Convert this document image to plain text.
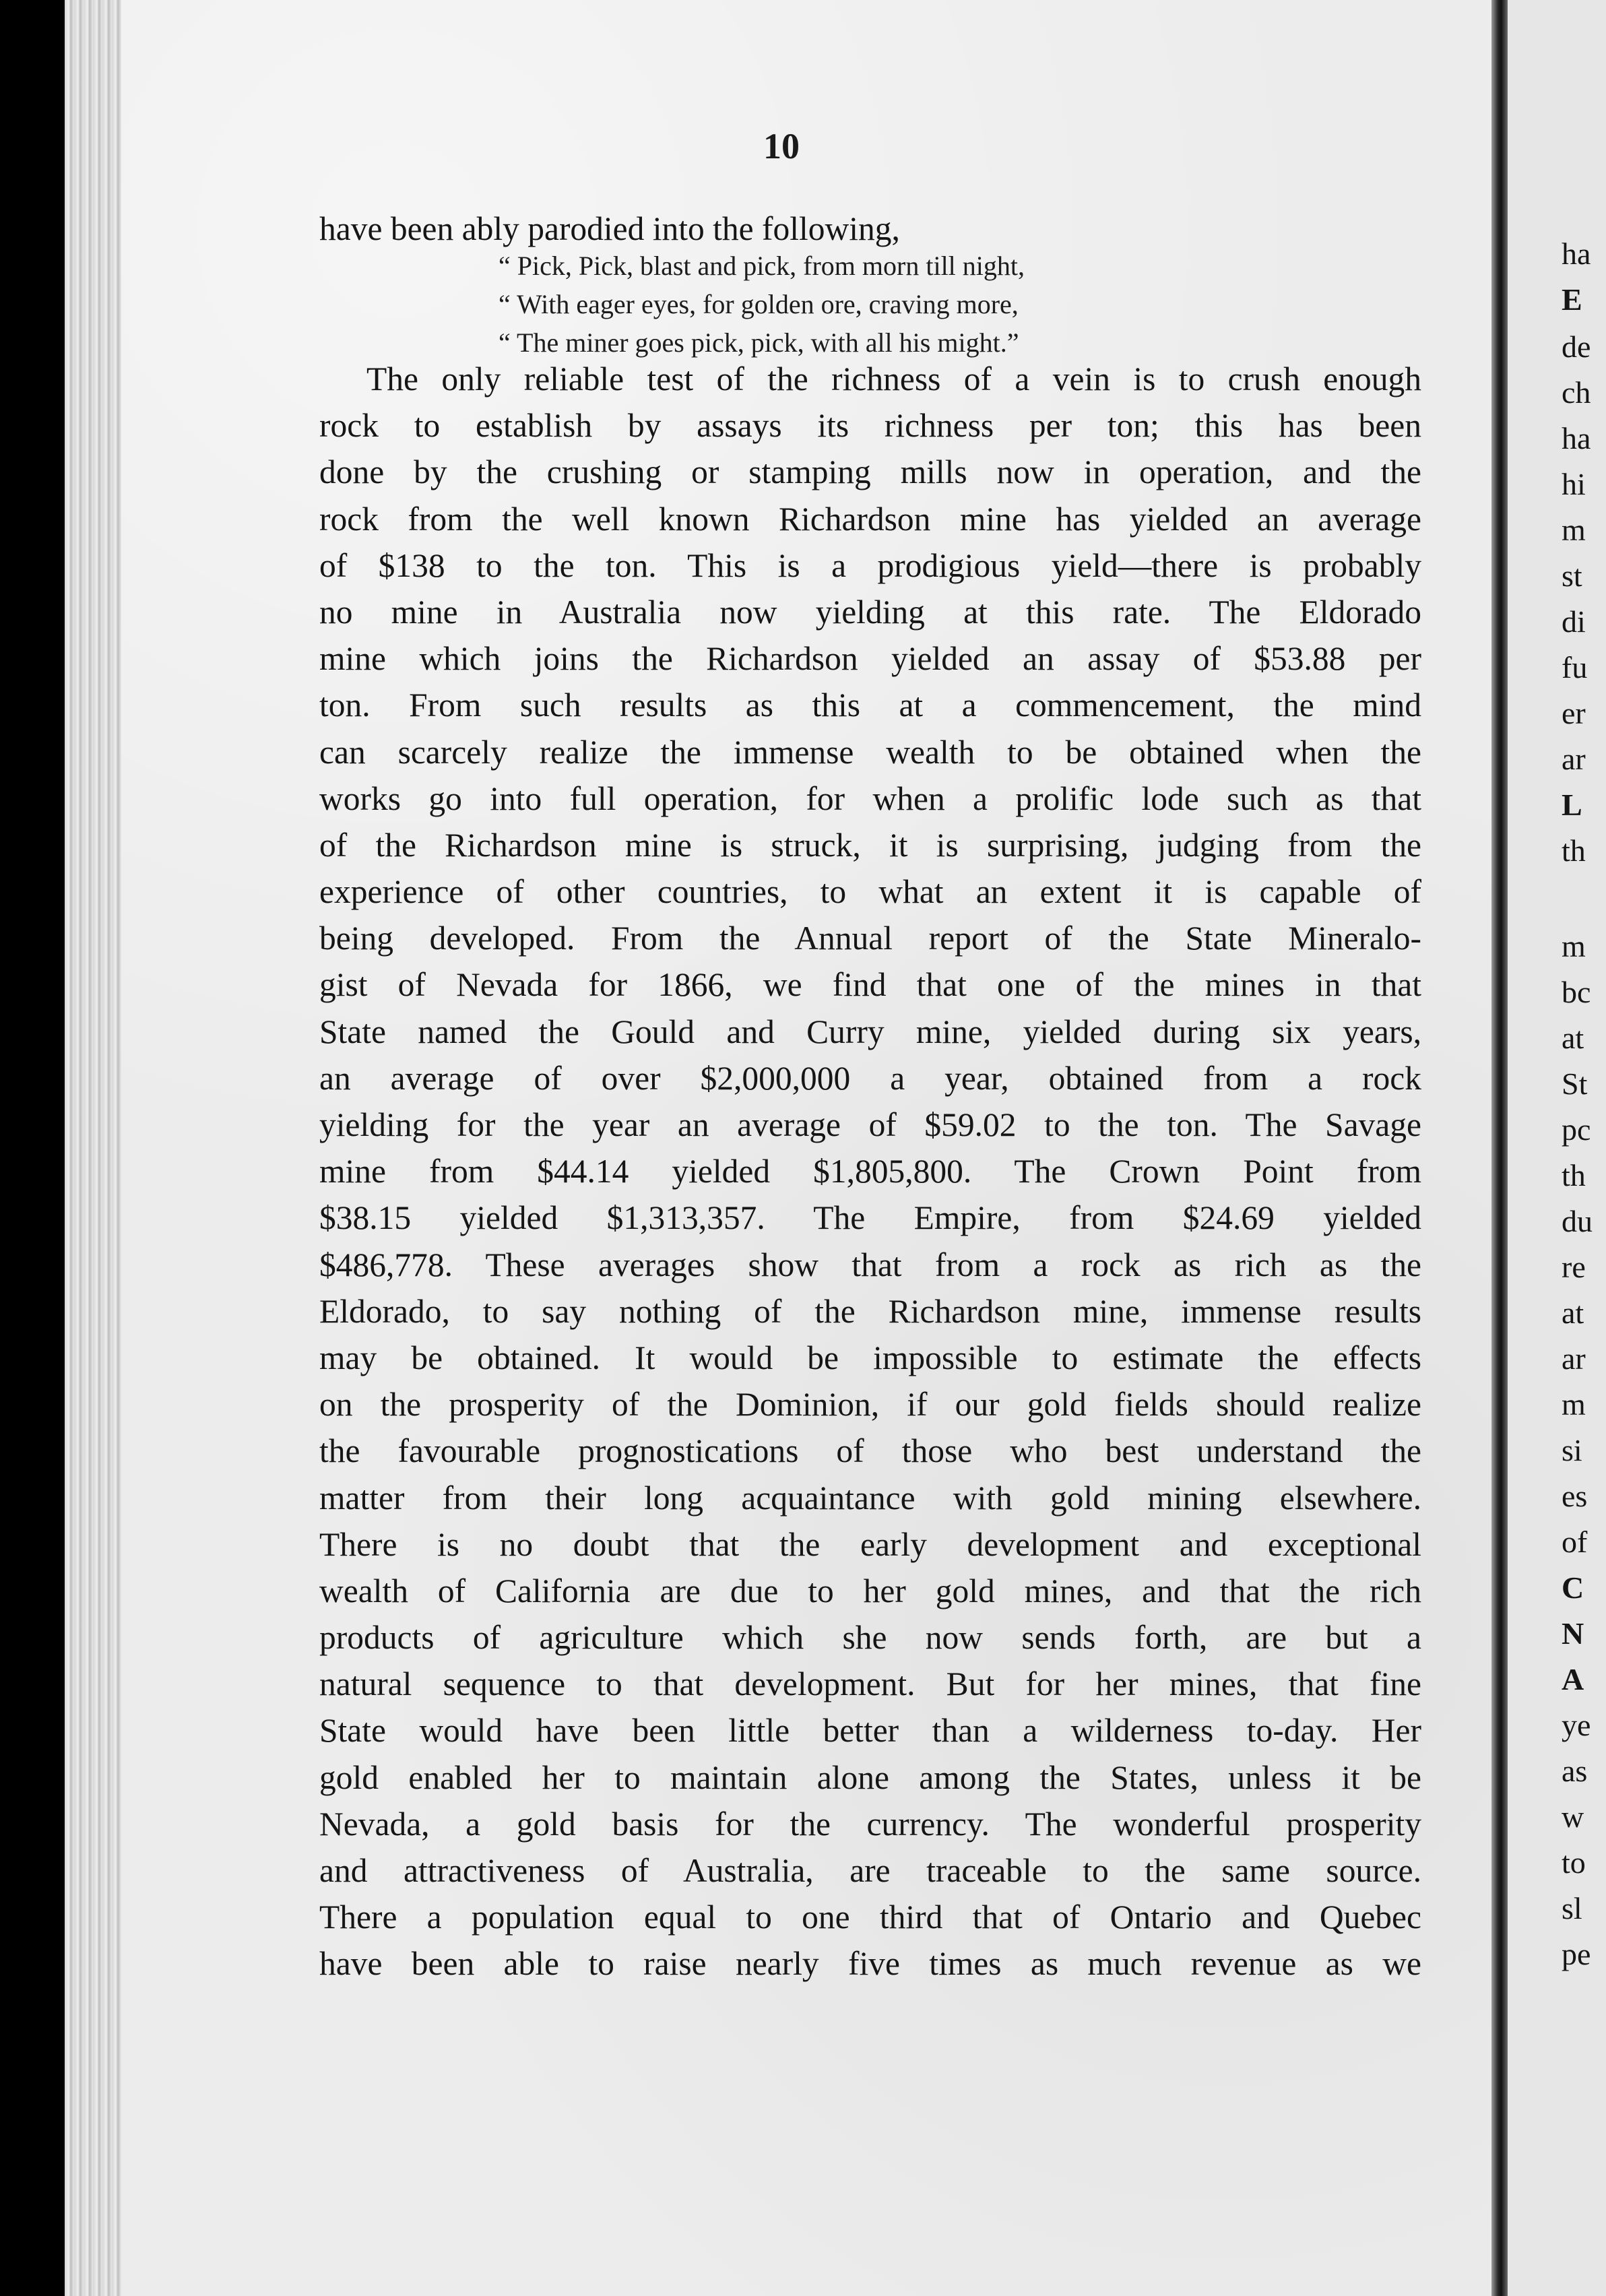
10
have been ably parodied into the following,
“ Pick, Pick, blast and pick, from morn till night,
“ With eager eyes, for golden ore, craving more,
“ The miner goes pick, pick, with all his might.”
The only reliable test of the richness of a vein is to crush enough
rock to establish by assays its richness per ton; this has been
done by the crushing or stamping mills now in operation, and the
rock from the well known Richardson mine has yielded an average
of $138 to the ton. This is a prodigious yield—there is probably
no mine in Australia now yielding at this rate. The Eldorado
mine which joins the Richardson yielded an assay of $53.88 per
ton. From such results as this at a commencement, the mind
can scarcely realize the immense wealth to be obtained when the
works go into full operation, for when a prolific lode such as that
of the Richardson mine is struck, it is surprising, judging from the
experience of other countries, to what an extent it is capable of
being developed. From the Annual report of the State Mineralo-
gist of Nevada for 1866, we find that one of the mines in that
State named the Gould and Curry mine, yielded during six years,
an average of over $2,000,000 a year, obtained from a rock
yielding for the year an average of $59.02 to the ton. The Savage
mine from $44.14 yielded $1,805,800. The Crown Point from
$38.15 yielded $1,313,357. The Empire, from $24.69 yielded
$486,778. These averages show that from a rock as rich as the
Eldorado, to say nothing of the Richardson mine, immense results
may be obtained. It would be impossible to estimate the effects
on the prosperity of the Dominion, if our gold fields should realize
the favourable prognostications of those who best understand the
matter from their long acquaintance with gold mining elsewhere.
There is no doubt that the early development and exceptional
wealth of California are due to her gold mines, and that the rich
products of agriculture which she now sends forth, are but a
natural sequence to that development. But for her mines, that fine
State would have been little better than a wilderness to-day. Her
gold enabled her to maintain alone among the States, unless it be
Nevada, a gold basis for the currency. The wonderful prosperity
and attractiveness of Australia, are traceable to the same source.
There a population equal to one third that of Ontario and Quebec
have been able to raise nearly five times as much revenue as we
ha
E
de
ch
ha
hi
m
st
di
fu
er
ar
L
th
m
bc
at
St
pc
th
du
re
at
ar
m
si
es
of
C
N
A
ye
as
w
to
sl
pe
